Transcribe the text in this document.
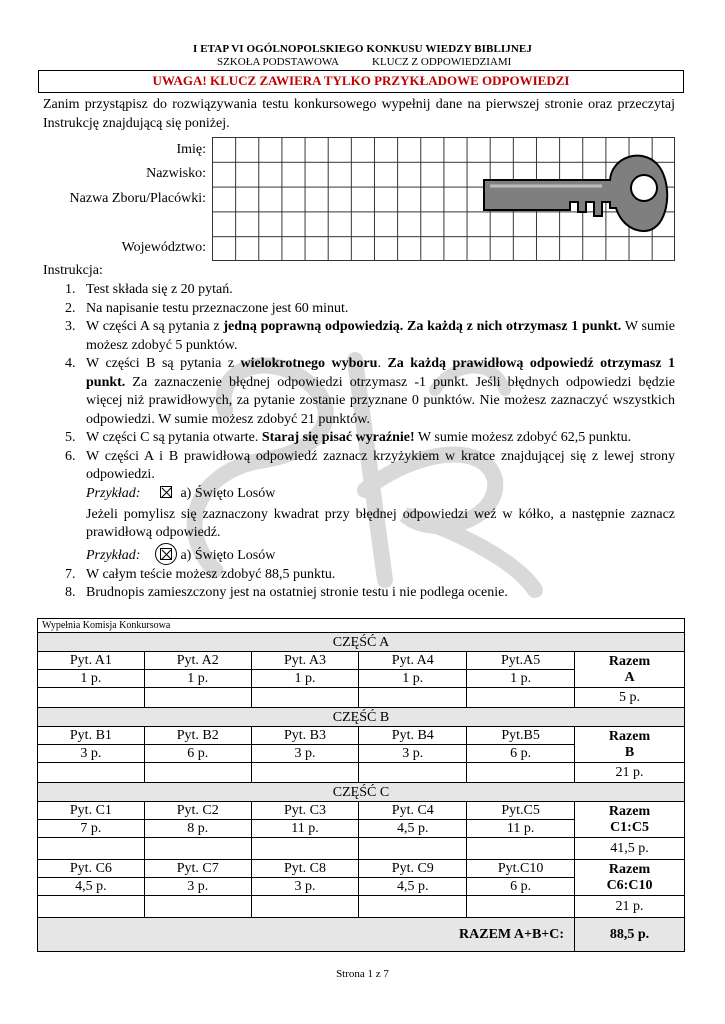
I ETAP VI OGÓLNOPOLSKIEGO KONKUSU WIEDZY BIBLIJNEJ
SZKOŁA PODSTAWOWA	KLUCZ Z ODPOWIEDZIAMI
UWAGA! KLUCZ ZAWIERA TYLKO PRZYKŁADOWE ODPOWIEDZI
Zanim przystąpisz do rozwiązywania testu konkursowego wypełnij dane na pierwszej stronie oraz przeczytaj Instrukcję znajdującą się poniżej.
Imię:
Nazwisko:
Nazwa Zboru/Placówki:
Województwo:
Instrukcja:
1. Test składa się z 20 pytań.
2. Na napisanie testu przeznaczone jest 60 minut.
3. W części A są pytania z jedną poprawną odpowiedzią. Za każdą z nich otrzymasz 1 punkt. W sumie możesz zdobyć 5 punktów.
4. W części B są pytania z wielokrotnego wyboru. Za każdą prawidłową odpowiedź otrzymasz 1 punkt. Za zaznaczenie błędnej odpowiedzi otrzymasz -1 punkt. Jeśli błędnych odpowiedzi będzie więcej niż prawidłowych, za pytanie zostanie przyznane 0 punktów. Nie możesz zaznaczyć wszystkich odpowiedzi. W sumie możesz zdobyć 21 punktów.
5. W części C są pytania otwarte. Staraj się pisać wyraźnie! W sumie możesz zdobyć 62,5 punktu.
6. W części A i B prawidłową odpowiedź zaznacz krzyżykiem w kratce znajdującej się z lewej strony odpowiedzi.
Przykład:	a) Święto Losów
Jeżeli pomylisz się zaznaczony kwadrat przy błędnej odpowiedzi weź w kółko, a następnie zaznacz prawidłową odpowiedź.
Przykład:	a) Święto Losów
7. W całym teście możesz zdobyć 88,5 punktu.
8. Brudnopis zamieszczony jest na ostatniej stronie testu i nie podlega ocenie.
Wypełnia Komisja Konkursowa					
CZĘŚĆ A					
Pyt. A1	Pyt. A2	Pyt. A3	Pyt. A4	Pyt.A5	Razem A
1 p.	1 p.	1 p.	1 p.	1 p.	
					5 p.
CZĘŚĆ B					
Pyt. B1	Pyt. B2	Pyt. B3	Pyt. B4	Pyt.B5	Razem B
3 p.	6 p.	3 p.	3 p.	6 p.	
					21 p.
CZĘŚĆ C					
Pyt. C1	Pyt. C2	Pyt. C3	Pyt. C4	Pyt.C5	Razem C1:C5
7 p.	8 p.	11 p.	4,5 p.	11 p.	
					41,5 p.
Pyt. C6	Pyt. C7	Pyt. C8	Pyt. C9	Pyt.C10	Razem C6:C10
4,5 p.	3 p.	3 p.	4,5 p.	6 p.	
					21 p.
RAZEM A+B+C:					88,5 p.
Strona 1 z 7
